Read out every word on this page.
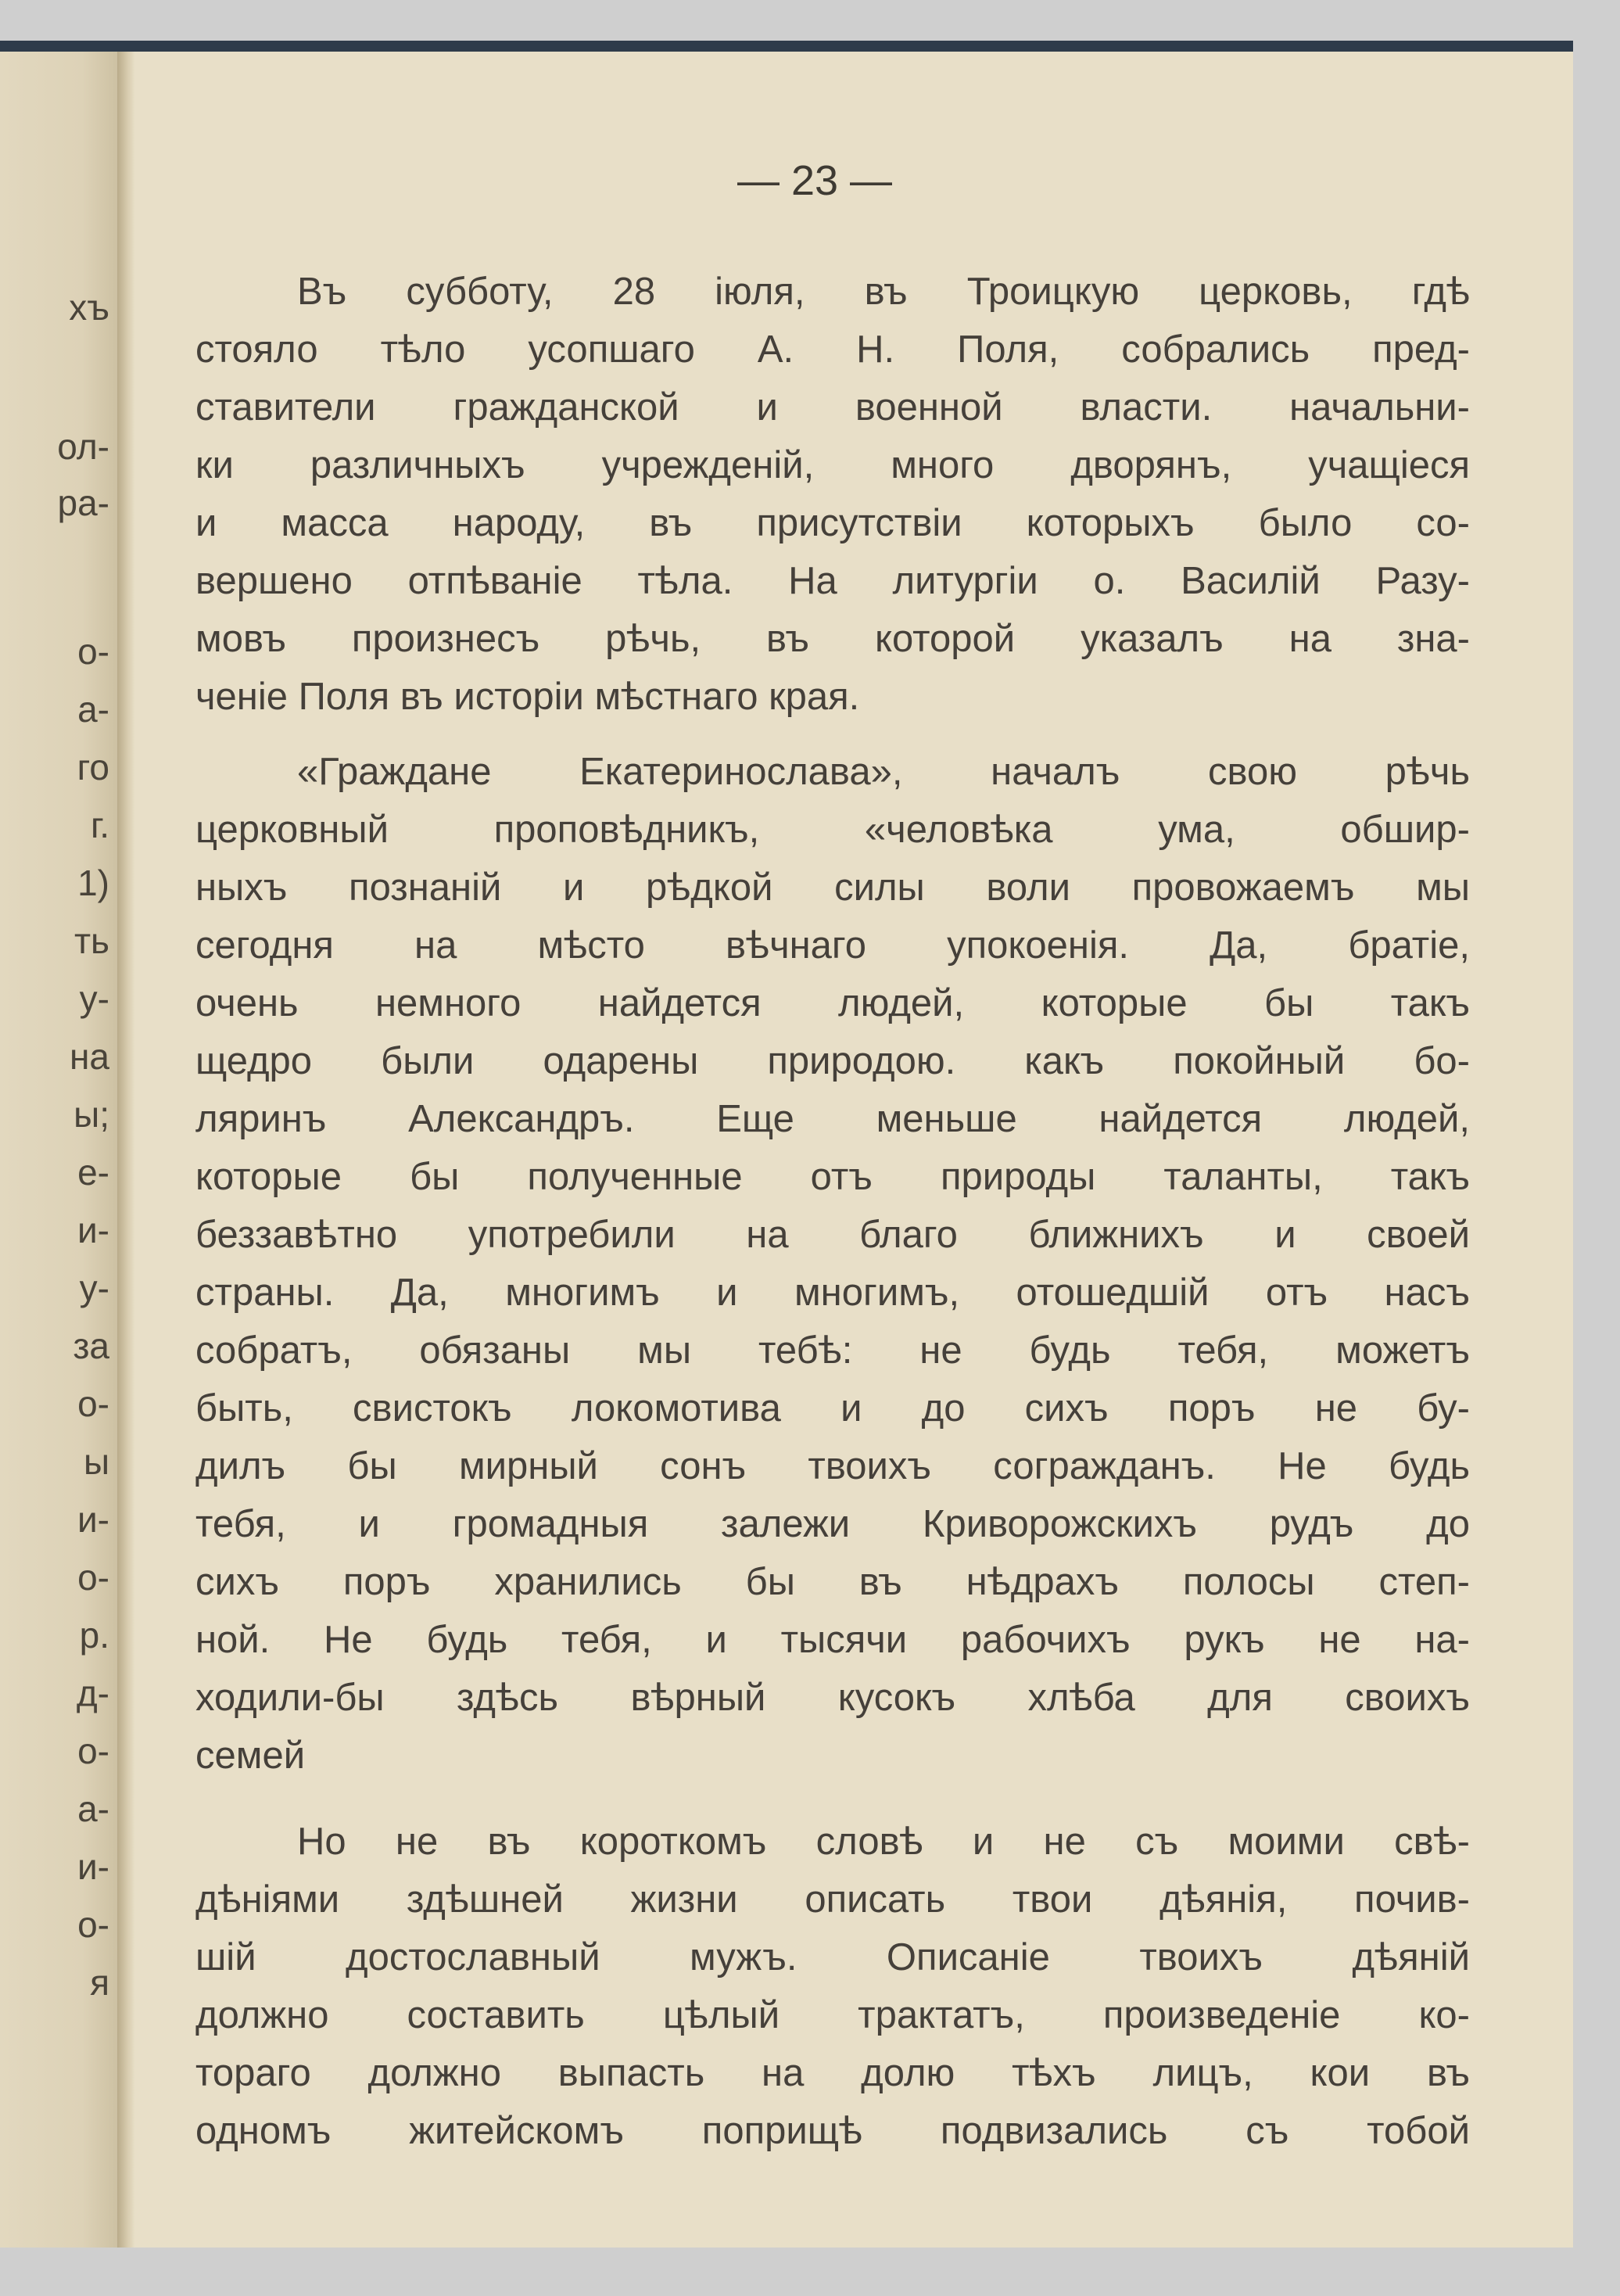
хъ
ол-
ра-
о-
а-
го
г.
1)
ть
у-
на
ы;
е-
и-
у-
за
о-
ы
и-
о-
р.
д-
о-
а-
и-
о-
я
— 23 —

Въ субботу, 28 іюля, въ Троицкую церковь, гдѣ
стояло тѣло усопшаго А. Н. Поля, собрались пред-
ставители гражданской и военной власти. начальни-
ки различныхъ учрежденій, много дворянъ, учащіеся
и масса народу, въ присутствіи которыхъ было со-
вершено отпѣваніе тѣла. На литургіи о. Василій Разу-
мовъ произнесъ рѣчь, въ которой указалъ на зна-
ченіе Поля въ исторіи мѣстнаго края.

«Граждане Екатеринослава», началъ свою рѣчь
церковный проповѣдникъ, «человѣка ума, обшир-
ныхъ познаній и рѣдкой силы воли провожаемъ мы
сегодня на мѣсто вѣчнаго упокоенія. Да, братіе,
очень немного найдется людей, которые бы такъ
щедро были одарены природою. какъ покойный бо-
ляринъ Александръ. Еще меньше найдется людей,
которые бы полученные отъ природы таланты, такъ
беззавѣтно употребили на благо ближнихъ и своей
страны. Да, многимъ и многимъ, отошедшій отъ насъ
собратъ, обязаны мы тебѣ: не будь тебя, можетъ
быть, свистокъ локомотива и до сихъ поръ не бу-
дилъ бы мирный сонъ твоихъ согражданъ. Не будь
тебя, и громадныя залежи Криворожскихъ рудъ до
сихъ поръ хранились бы въ нѣдрахъ полосы степ-
ной. Не будь тебя, и тысячи рабочихъ рукъ не на-
ходили-бы здѣсь вѣрный кусокъ хлѣба для своихъ
семей

Но не въ короткомъ словѣ и не съ моими свѣ-
дѣніями здѣшней жизни описать твои дѣянія, почив-
шій достославный мужъ. Описаніе твоихъ дѣяній
должно составить цѣлый трактатъ, произведеніе ко-
тораго должно выпасть на долю тѣхъ лицъ, кои въ
одномъ житейскомъ поприщѣ подвизались съ тобой
